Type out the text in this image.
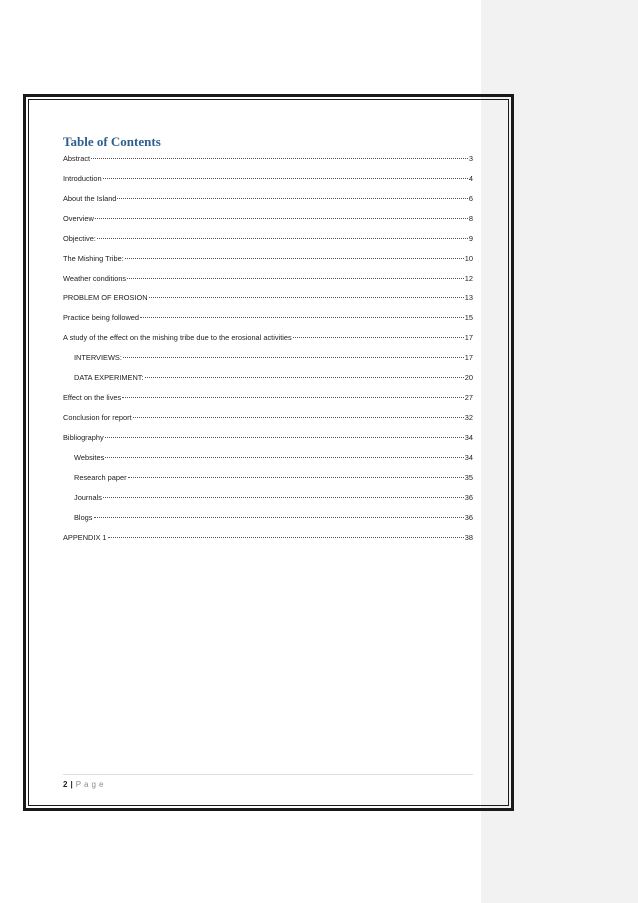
Table of Contents
Abstract	3
Introduction	4
About the Island	6
Overview	8
Objective:	9
The Mishing Tribe:	10
Weather conditions	12
PROBLEM OF EROSION	13
Practice being followed	15
A study of the effect on the mishing tribe due to the erosional activities	17
INTERVIEWS:	17
DATA EXPERIMENT:	20
Effect on the lives	27
Conclusion for report	32
Bibliography	34
Websites	34
Research paper	35
Journals	36
Blogs	36
APPENDIX 1	38
2 | Page
